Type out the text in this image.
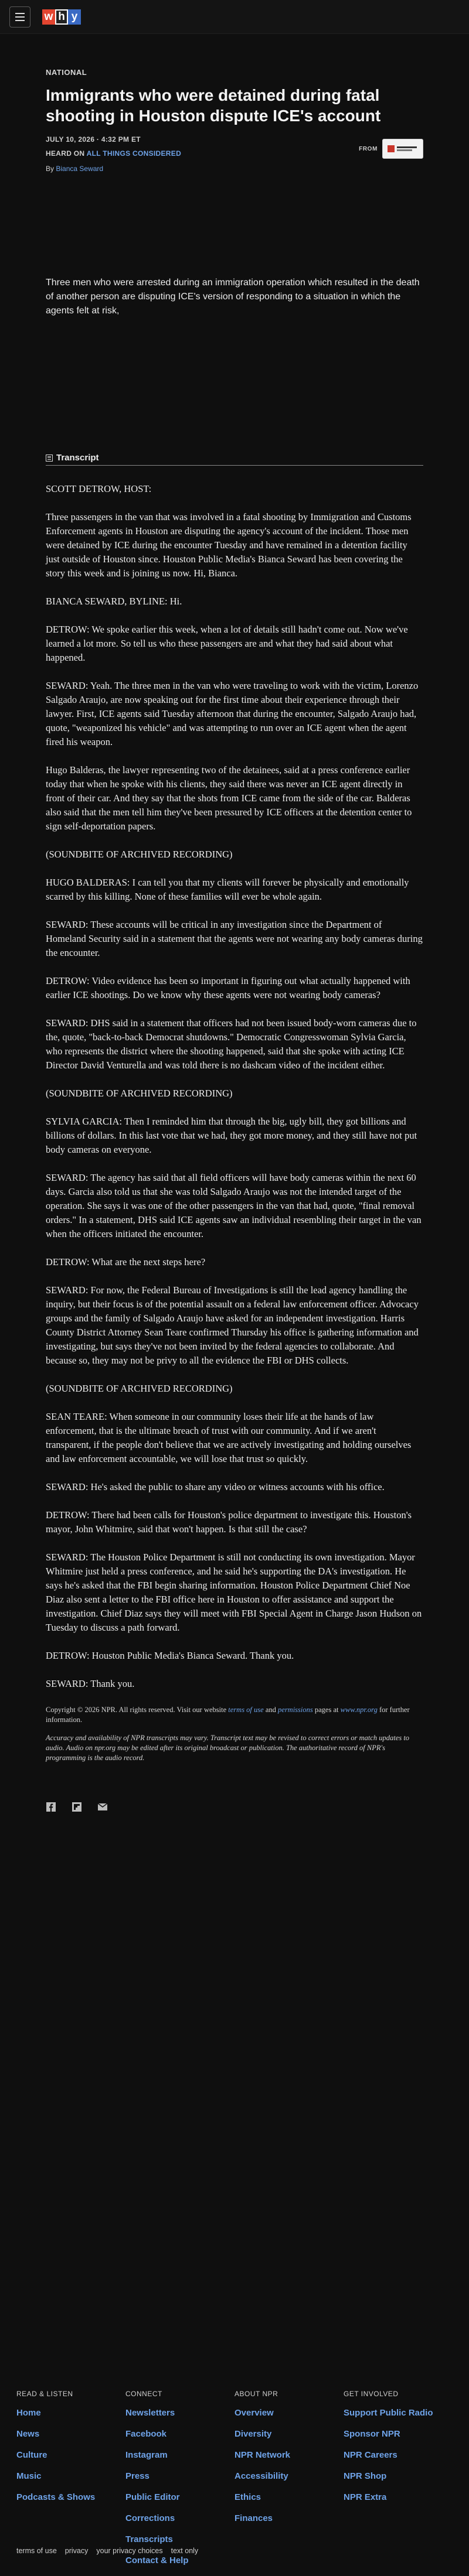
w h y
NATIONAL
Immigrants who were detained during fatal shooting in Houston dispute ICE's account
JULY 10, 2026 · 4:32 PM ET
HEARD ON ALL THINGS CONSIDERED
By Bianca Seward
FROM

Three men who were arrested during an immigration operation which resulted in the death of another person are disputing ICE's version of responding to a situation in which the agents felt at risk,

Transcript

SCOTT DETROW, HOST:

Three passengers in the van that was involved in a fatal shooting by Immigration and Customs Enforcement agents in Houston are disputing the agency's account of the incident. Those men were detained by ICE during the encounter Tuesday and have remained in a detention facility just outside of Houston since. Houston Public Media's Bianca Seward has been covering the story this week and is joining us now. Hi, Bianca.

BIANCA SEWARD, BYLINE: Hi.

DETROW: We spoke earlier this week, when a lot of details still hadn't come out. Now we've learned a lot more. So tell us who these passengers are and what they had said about what happened.

SEWARD: Yeah. The three men in the van who were traveling to work with the victim, Lorenzo Salgado Araujo, are now speaking out for the first time about their experience through their lawyer. First, ICE agents said Tuesday afternoon that during the encounter, Salgado Araujo had, quote, "weaponized his vehicle" and was attempting to run over an ICE agent when the agent fired his weapon.

Hugo Balderas, the lawyer representing two of the detainees, said at a press conference earlier today that when he spoke with his clients, they said there was never an ICE agent directly in front of their car. And they say that the shots from ICE came from the side of the car. Balderas also said that the men tell him they've been pressured by ICE officers at the detention center to sign self-deportation papers.

(SOUNDBITE OF ARCHIVED RECORDING)

HUGO BALDERAS: I can tell you that my clients will forever be physically and emotionally scarred by this killing. None of these families will ever be whole again.

SEWARD: These accounts will be critical in any investigation since the Department of Homeland Security said in a statement that the agents were not wearing any body cameras during the encounter.

DETROW: Video evidence has been so important in figuring out what actually happened with earlier ICE shootings. Do we know why these agents were not wearing body cameras?

SEWARD: DHS said in a statement that officers had not been issued body-worn cameras due to the, quote, "back-to-back Democrat shutdowns." Democratic Congresswoman Sylvia Garcia, who represents the district where the shooting happened, said that she spoke with acting ICE Director David Venturella and was told there is no dashcam video of the incident either.

(SOUNDBITE OF ARCHIVED RECORDING)

SYLVIA GARCIA: Then I reminded him that through the big, ugly bill, they got billions and billions of dollars. In this last vote that we had, they got more money, and they still have not put body cameras on everyone.

SEWARD: The agency has said that all field officers will have body cameras within the next 60 days. Garcia also told us that she was told Salgado Araujo was not the intended target of the operation. She says it was one of the other passengers in the van that had, quote, "final removal orders." In a statement, DHS said ICE agents saw an individual resembling their target in the van when the officers initiated the encounter.

DETROW: What are the next steps here?

SEWARD: For now, the Federal Bureau of Investigations is still the lead agency handling the inquiry, but their focus is of the potential assault on a federal law enforcement officer. Advocacy groups and the family of Salgado Araujo have asked for an independent investigation. Harris County District Attorney Sean Teare confirmed Thursday his office is gathering information and investigating, but says they've not been invited by the federal agencies to collaborate. And because so, they may not be privy to all the evidence the FBI or DHS collects.

(SOUNDBITE OF ARCHIVED RECORDING)

SEAN TEARE: When someone in our community loses their life at the hands of law enforcement, that is the ultimate breach of trust with our community. And if we aren't transparent, if the people don't believe that we are actively investigating and holding ourselves and law enforcement accountable, we will lose that trust so quickly.

SEWARD: He's asked the public to share any video or witness accounts with his office.

DETROW: There had been calls for Houston's police department to investigate this. Houston's mayor, John Whitmire, said that won't happen. Is that still the case?

SEWARD: The Houston Police Department is still not conducting its own investigation. Mayor Whitmire just held a press conference, and he said he's supporting the DA's investigation. He says he's asked that the FBI begin sharing information. Houston Police Department Chief Noe Diaz also sent a letter to the FBI office here in Houston to offer assistance and support the investigation. Chief Diaz says they will meet with FBI Special Agent in Charge Jason Hudson on Tuesday to discuss a path forward.

DETROW: Houston Public Media's Bianca Seward. Thank you.

SEWARD: Thank you.

Copyright © 2026 NPR. All rights reserved. Visit our website terms of use and permissions pages at www.npr.org for further information.

Accuracy and availability of NPR transcripts may vary. Transcript text may be revised to correct errors or match updates to audio. Audio on npr.org may be edited after its original broadcast or publication. The authoritative record of NPR's programming is the audio record.

READ & LISTEN
Home
News
Culture
Music
Podcasts & Shows
CONNECT
Newsletters
Facebook
Instagram
Press
Public Editor
Corrections
Transcripts
Contact & Help
ABOUT NPR
Overview
Diversity
NPR Network
Accessibility
Ethics
Finances
GET INVOLVED
Support Public Radio
Sponsor NPR
NPR Careers
NPR Shop
NPR Extra
terms of use privacy your privacy choices text only
